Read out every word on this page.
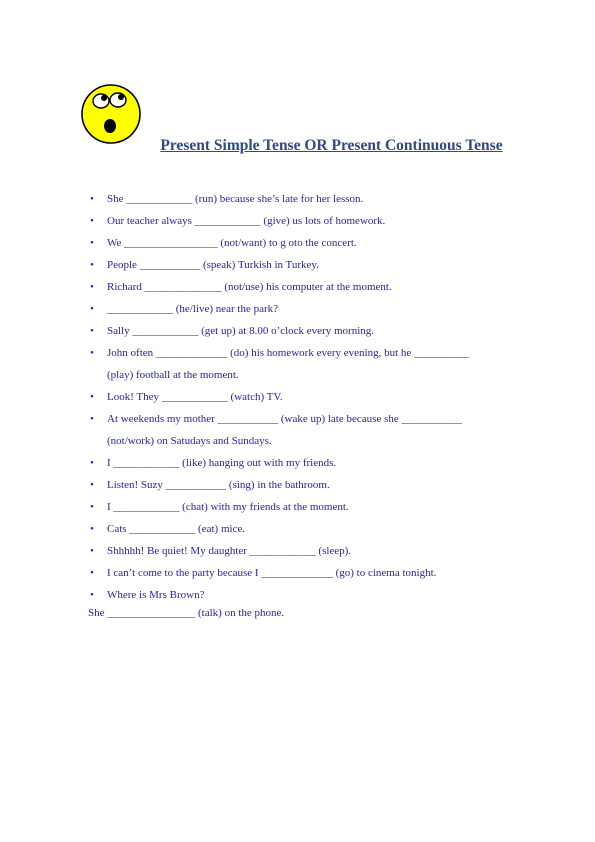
Present Simple Tense OR Present Continuous Tense
• She ____________ (run) because she’s late for her lesson.
• Our teacher always ____________ (give) us lots of homework.
• We _________________ (not/want) to g oto the concert.
• People ___________ (speak) Turkish in Turkey.
• Richard ______________ (not/use) his computer at the moment.
• ____________ (he/live) near the park?
• Sally ____________ (get up) at 8.00 o’clock every morning.
• John often _____________ (do) his homework every evening, but he __________
(play) football at the moment.
• Look! They ____________ (watch) TV.
• At weekends my mother ___________ (wake up) late because she ___________
(not/work) on Satudays and Sundays.
• I ____________ (like) hanging out with my friends.
• Listen! Suzy ___________ (sing) in the bathroom.
• I ____________ (chat) with my friends at the moment.
• Cats ____________ (eat) mice.
• Shhhhh! Be quiet! My daughter ____________ (sleep).
• I can’t come to the party because I _____________ (go) to cinema tonight.
• Where is Mrs Brown?
She ________________ (talk) on the phone.
